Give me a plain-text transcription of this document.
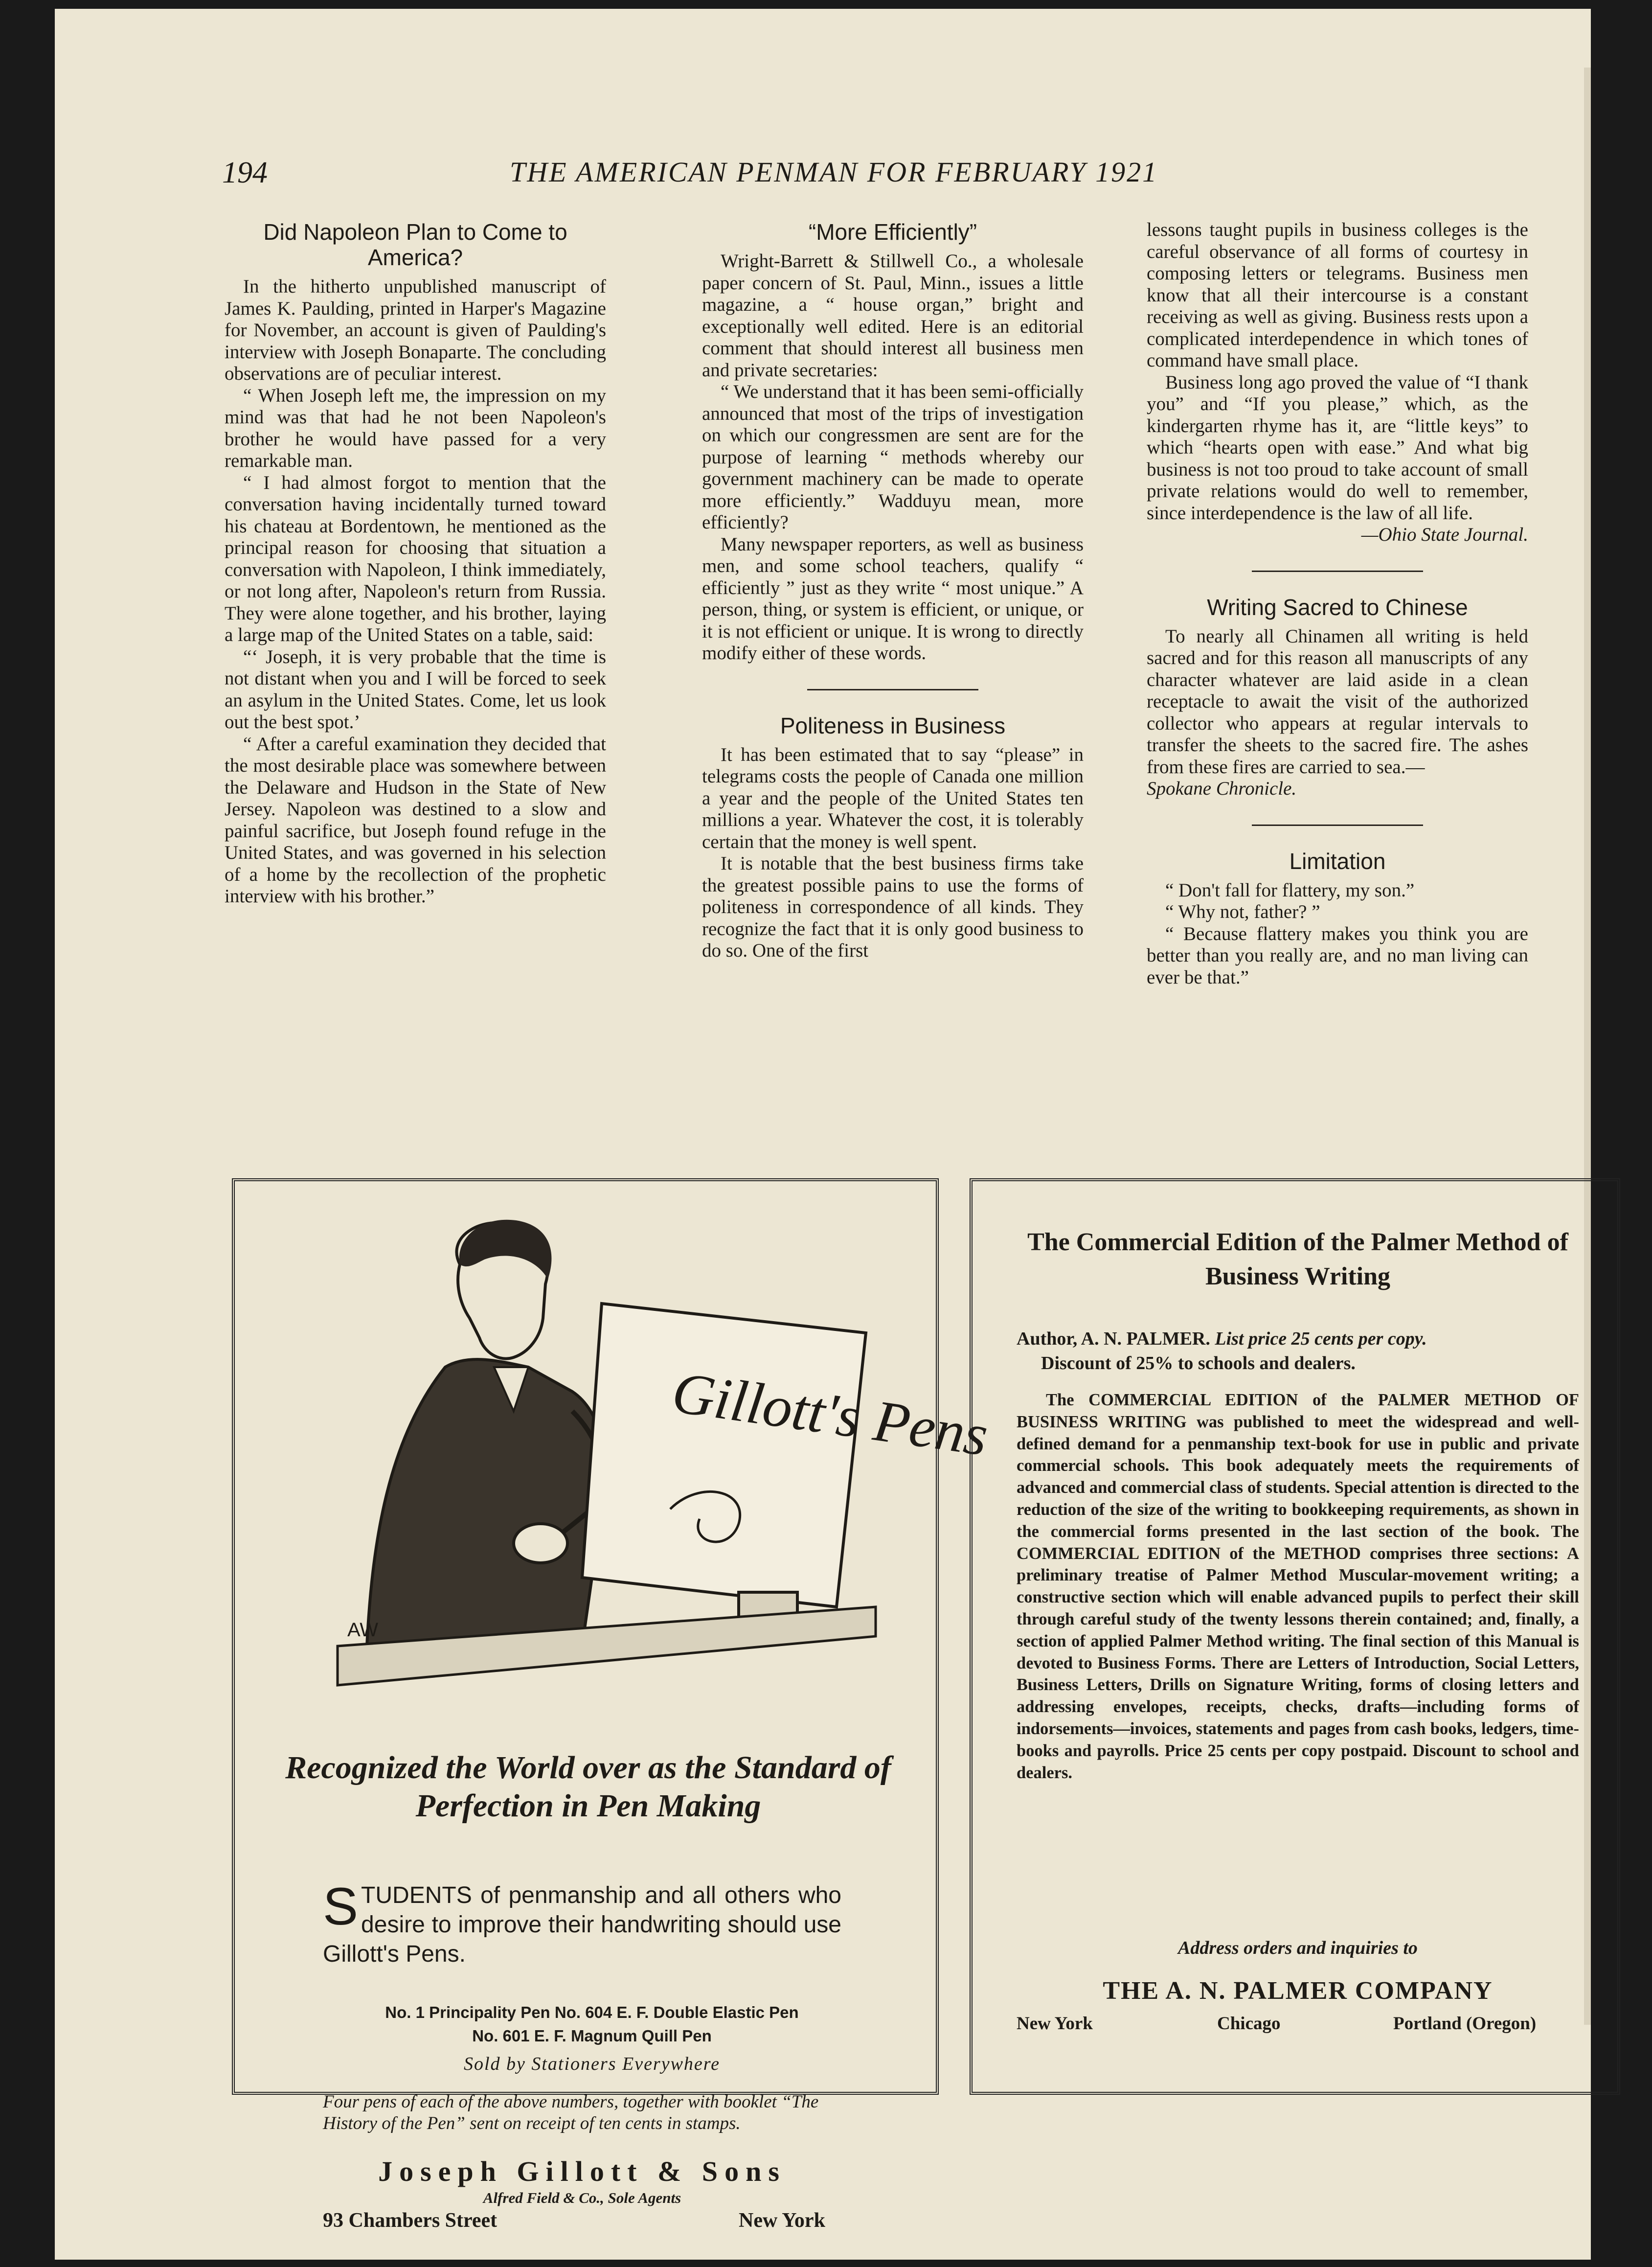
194	THE AMERICAN PENMAN FOR FEBRUARY 1921
Did Napoleon Plan to Come to America?

In the hitherto unpublished manuscript of James K. Paulding, printed in Harper's Magazine for November, an account is given of Paulding's interview with Joseph Bonaparte. The concluding observations are of peculiar interest.

“ When Joseph left me, the impression on my mind was that had he not been Napoleon's brother he would have passed for a very remarkable man.

“ I had almost forgot to mention that the conversation having incidentally turned toward his chateau at Bordentown, he mentioned as the principal reason for choosing that situation a conversation with Napoleon, I think immediately, or not long after, Napoleon's return from Russia. They were alone together, and his brother, laying a large map of the United States on a table, said:

“‘ Joseph, it is very probable that the time is not distant when you and I will be forced to seek an asylum in the United States. Come, let us look out the best spot.’

“ After a careful examination they decided that the most desirable place was somewhere between the Delaware and Hudson in the State of New Jersey. Napoleon was destined to a slow and painful sacrifice, but Joseph found refuge in the United States, and was governed in his selection of a home by the recollection of the prophetic interview with his brother.”

“More Efficiently”

Wright-Barrett & Stillwell Co., a wholesale paper concern of St. Paul, Minn., issues a little magazine, a “ house organ,” bright and exceptionally well edited. Here is an editorial comment that should interest all business men and private secretaries:

“ We understand that it has been semi-officially announced that most of the trips of investigation on which our congressmen are sent are for the purpose of learning “ methods whereby our government machinery can be made to operate more efficiently.” Wadduyu mean, more efficiently?

Many newspaper reporters, as well as business men, and some school teachers, qualify “ efficiently ” just as they write “ most unique.” A person, thing, or system is efficient, or unique, or it is not efficient or unique. It is wrong to directly modify either of these words.

Politeness in Business

It has been estimated that to say “please” in telegrams costs the people of Canada one million a year and the people of the United States ten millions a year. Whatever the cost, it is tolerably certain that the money is well spent.

It is notable that the best business firms take the greatest possible pains to use the forms of politeness in correspondence of all kinds. They recognize the fact that it is only good business to do so. One of the first

lessons taught pupils in business colleges is the careful observance of all forms of courtesy in composing letters or telegrams. Business men know that all their intercourse is a constant receiving as well as giving. Business rests upon a complicated interdependence in which tones of command have small place.

Business long ago proved the value of “I thank you” and “If you please,” which, as the kindergarten rhyme has it, are “little keys” to which “hearts open with ease.” And what big business is not too proud to take account of small private relations would do well to remember, since interdependence is the law of all life.

—Ohio State Journal.

Writing Sacred to Chinese

To nearly all Chinamen all writing is held sacred and for this reason all manuscripts of any character whatever are laid aside in a clean receptacle to await the visit of the authorized collector who appears at regular intervals to transfer the sheets to the sacred fire. The ashes from these fires are carried to sea.—

Spokane Chronicle.

Limitation

“ Don't fall for flattery, my son.”

“ Why not, father? ”

“ Because flattery makes you think you are better than you really are, and no man living can ever be that.”

Gillott's Pens
AW
Recognized the World over as the Standard of Perfection in Pen Making
STUDENTS of penmanship and all others who desire to improve their handwriting should use Gillott's Pens.
No. 1 Principality Pen No. 604 E. F. Double Elastic Pen
No. 601 E. F. Magnum Quill Pen
Sold by Stationers Everywhere
Four pens of each of the above numbers, together with booklet “The History of the Pen” sent on receipt of ten cents in stamps.
Joseph Gillott & Sons
Alfred Field & Co., Sole Agents
93 Chambers Street	New York
The Commercial Edition of the Palmer Method of Business Writing
Author, A. N. PALMER. List price 25 cents per copy.
Discount of 25% to schools and dealers.

The COMMERCIAL EDITION of the PALMER METHOD OF BUSINESS WRITING was published to meet the widespread and well-defined demand for a penmanship text-book for use in public and private commercial schools. This book adequately meets the requirements of advanced and commercial class of students. Special attention is directed to the reduction of the size of the writing to bookkeeping requirements, as shown in the commercial forms presented in the last section of the book. The COMMERCIAL EDITION of the METHOD comprises three sections: A preliminary treatise of Palmer Method Muscular-movement writing; a constructive section which will enable advanced pupils to perfect their skill through careful study of the twenty lessons therein contained; and, finally, a section of applied Palmer Method writing. The final section of this Manual is devoted to Business Forms. There are Letters of Introduction, Social Letters, Business Letters, Drills on Signature Writing, forms of closing letters and addressing envelopes, receipts, checks, drafts—including forms of indorsements—invoices, statements and pages from cash books, ledgers, time-books and payrolls. Price 25 cents per copy postpaid. Discount to school and dealers.

Address orders and inquiries to
THE A. N. PALMER COMPANY
New York	Chicago	Portland (Oregon)
